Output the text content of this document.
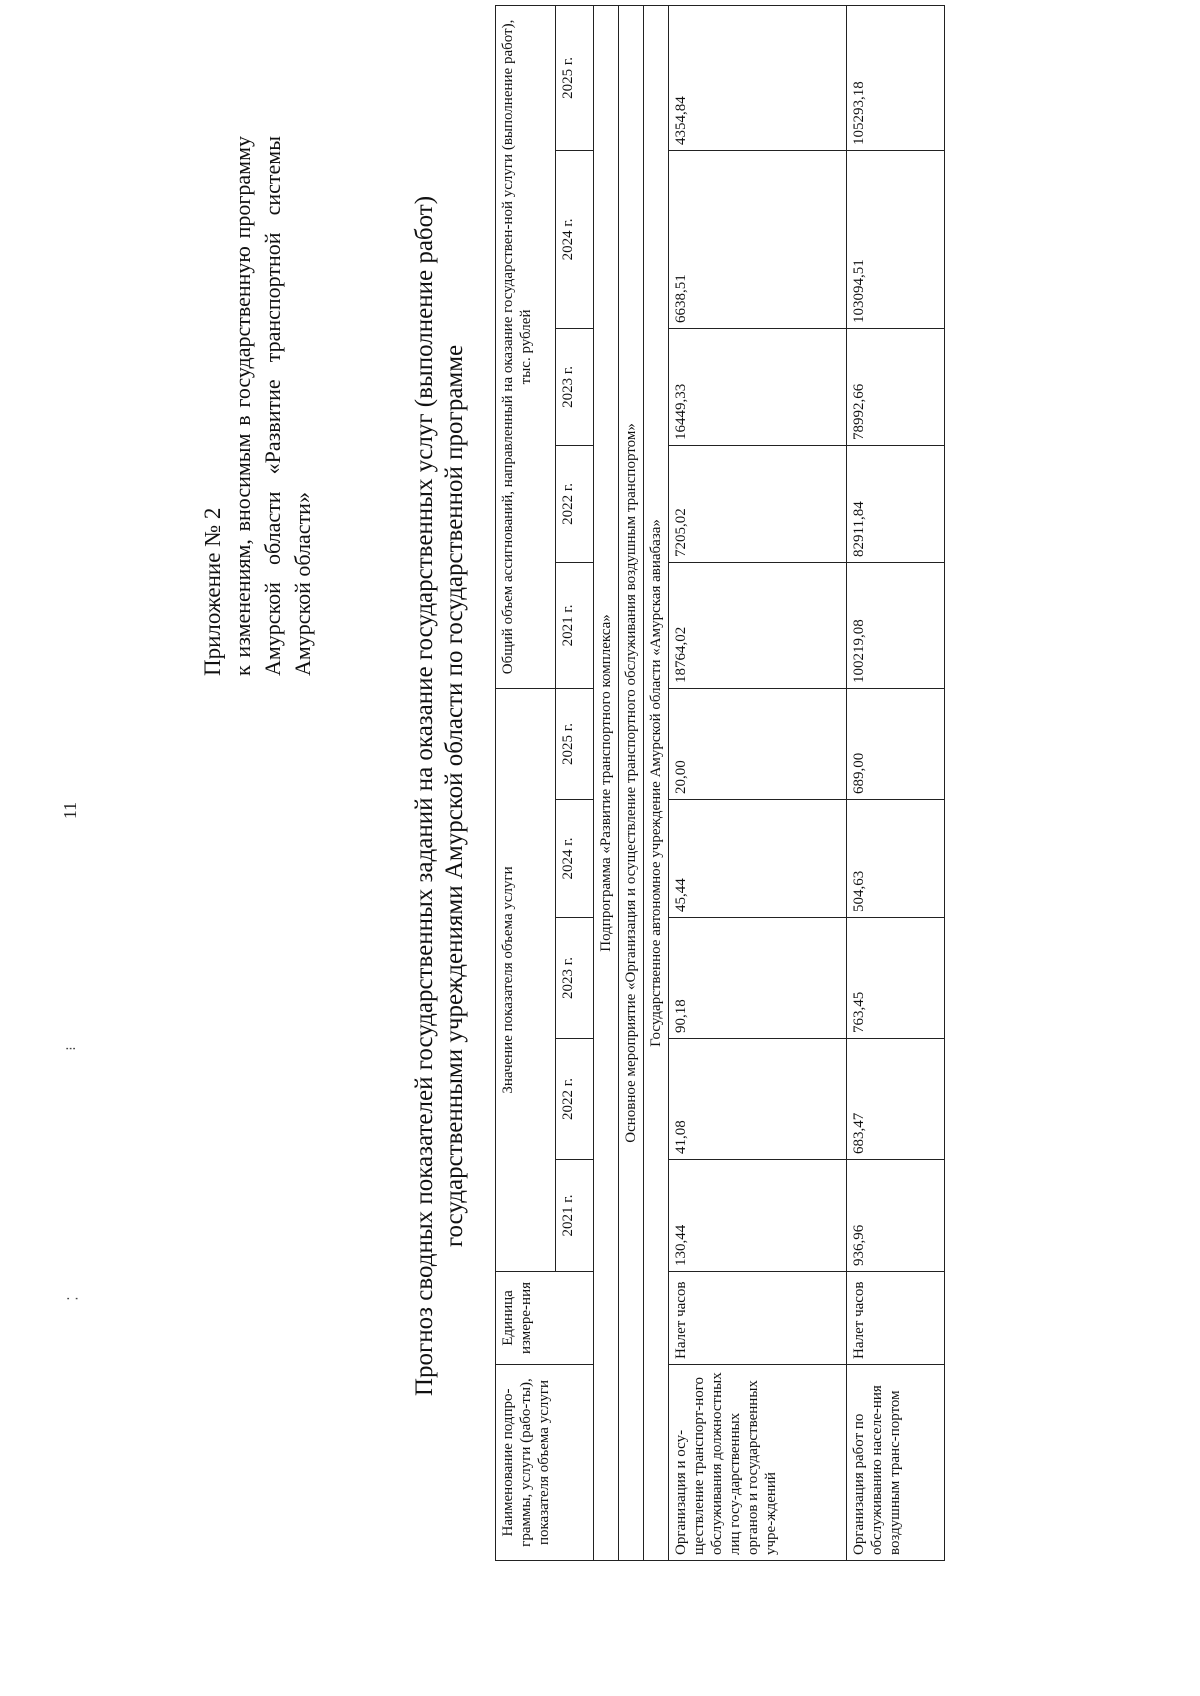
11
⁝
⁚
Приложение № 2 к изменениям, вносимым в государственную программу Амурской области «Развитие транспортной системы Амурской области»	Прогноз сводных показателей государственных заданий на оказание государственных услуг (выполнение работ) государственными учреждениями Амурской области по государственной программе
Наименование подпро-граммы, услуги (рабо-ты), показателя объема услуги	Единица измере-ния	Значение показателя объема услуги					Общий объем ассигнований, направленный на оказание государствен-ной услуги (выполнение работ), тыс. рублей				
		2021 г.	2022 г.	2023 г.	2024 г.	2025 г.	2021 г.	2022 г.	2023 г.	2024 г.	2025 г.
Подпрограмма «Развитие транспортного комплекса»											
Основное мероприятие «Организация и осуществление транспортного обслуживания воздушным транспортом»											
Государственное автономное учреждение Амурской области «Амурская авиабаза»											
Организация и осу-ществление транспорт-ного обслуживания должностных лиц госу-дарственных органов и государственных учре-ждений	Налет часов	130,44	41,08	90,18	45,44	20,00	18764,02	7205,02	16449,33	6638,51	4354,84
Организация работ по обслуживанию населе-ния воздушным транс-портом	Налет часов	936,96	683,47	763,45	504,63	689,00	100219,08	82911,84	78992,66	103094,51	105293,18
